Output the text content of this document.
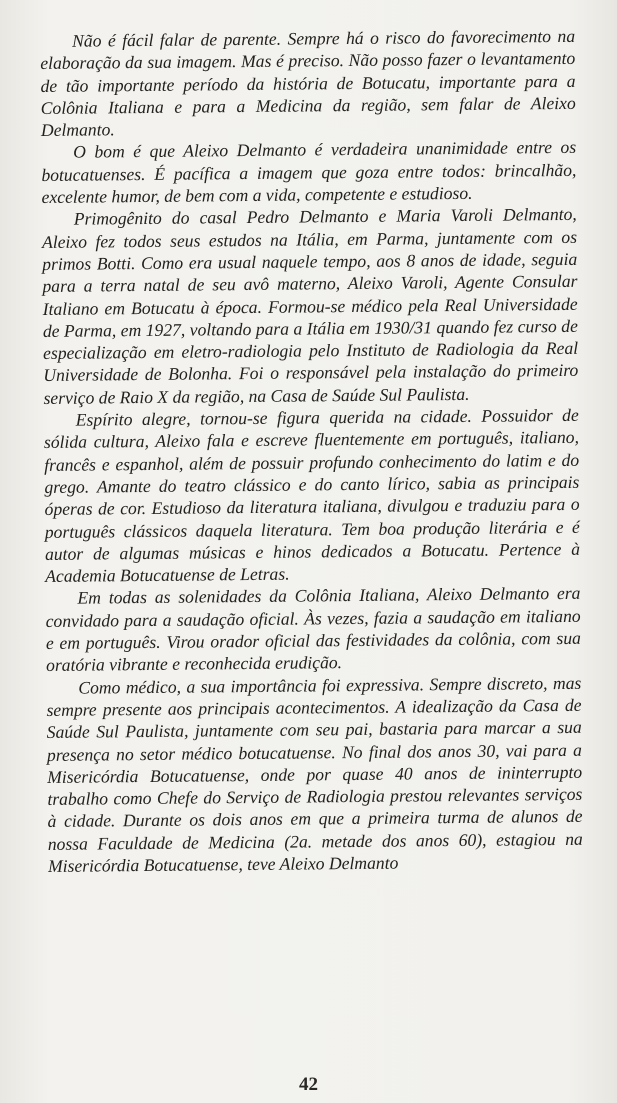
Não é fácil falar de parente. Sempre há o risco do favorecimento na elaboração da sua imagem. Mas é preciso. Não posso fazer o levantamento de tão importante período da história de Botucatu, importante para a Colônia Italiana e para a Medicina da região, sem falar de Aleixo Delmanto.

O bom é que Aleixo Delmanto é verdadeira unanimidade entre os botucatuenses. É pacífica a imagem que goza entre todos: brincalhão, excelente humor, de bem com a vida, competente e estudioso.

Primogênito do casal Pedro Delmanto e Maria Varoli Delmanto, Aleixo fez todos seus estudos na Itália, em Parma, juntamente com os primos Botti. Como era usual naquele tempo, aos 8 anos de idade, seguia para a terra natal de seu avô materno, Aleixo Varoli, Agente Consular Italiano em Botucatu à época. Formou-se médico pela Real Universidade de Parma, em 1927, voltando para a Itália em 1930/31 quando fez curso de especialização em eletro-radiologia pelo Instituto de Radiologia da Real Universidade de Bolonha. Foi o responsável pela instalação do primeiro serviço de Raio X da região, na Casa de Saúde Sul Paulista.

Espírito alegre, tornou-se figura querida na cidade. Possuidor de sólida cultura, Aleixo fala e escreve fluentemente em português, italiano, francês e espanhol, além de possuir profundo conhecimento do latim e do grego. Amante do teatro clássico e do canto lírico, sabia as principais óperas de cor. Estudioso da literatura italiana, divulgou e traduziu para o português clássicos daquela literatura. Tem boa produção literária e é autor de algumas músicas e hinos dedicados a Botucatu. Pertence à Academia Botucatuense de Letras.

Em todas as solenidades da Colônia Italiana, Aleixo Delmanto era convidado para a saudação oficial. Às vezes, fazia a saudação em italiano e em português. Virou orador oficial das festividades da colônia, com sua oratória vibrante e reconhecida erudição.

Como médico, a sua importância foi expressiva. Sempre discreto, mas sempre presente aos principais acontecimentos. A idealização da Casa de Saúde Sul Paulista, juntamente com seu pai, bastaria para marcar a sua presença no setor médico botucatuense. No final dos anos 30, vai para a Misericórdia Botucatuense, onde por quase 40 anos de ininterrupto trabalho como Chefe do Serviço de Radiologia prestou relevantes serviços à cidade. Durante os dois anos em que a primeira turma de alunos de nossa Faculdade de Medicina (2a. metade dos anos 60), estagiou na Misericórdia Botucatuense, teve Aleixo Delmanto

42
